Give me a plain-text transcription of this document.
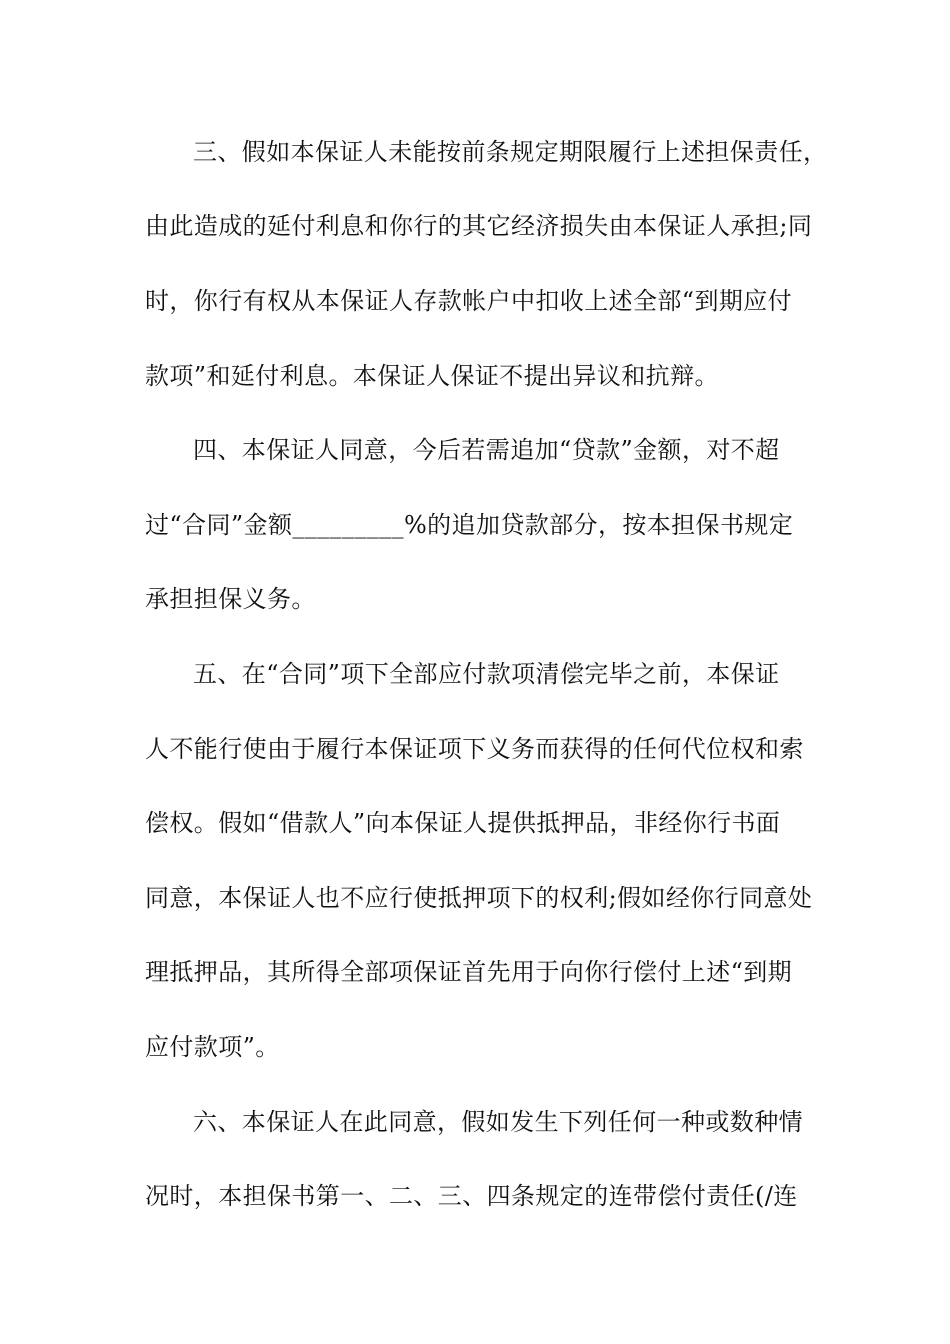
三、假如本保证人未能按前条规定期限履行上述担保责任，
由此造成的延付利息和你行的其它经济损失由本保证人承担;同
时，你行有权从本保证人存款帐户中扣收上述全部“到期应付
款项”和延付利息。本保证人保证不提出异议和抗辩。
四、本保证人同意，今后若需追加“贷款”金额，对不超
过“合同”金额_________%的追加贷款部分，按本担保书规定
承担担保义务。
五、在“合同”项下全部应付款项清偿完毕之前，本保证
人不能行使由于履行本保证项下义务而获得的任何代位权和索
偿权。假如“借款人”向本保证人提供抵押品，非经你行书面
同意，本保证人也不应行使抵押项下的权利;假如经你行同意处
理抵押品，其所得全部项保证首先用于向你行偿付上述“到期
应付款项”。
六、本保证人在此同意，假如发生下列任何一种或数种情
况时，本担保书第一、二、三、四条规定的连带偿付责任(/连
